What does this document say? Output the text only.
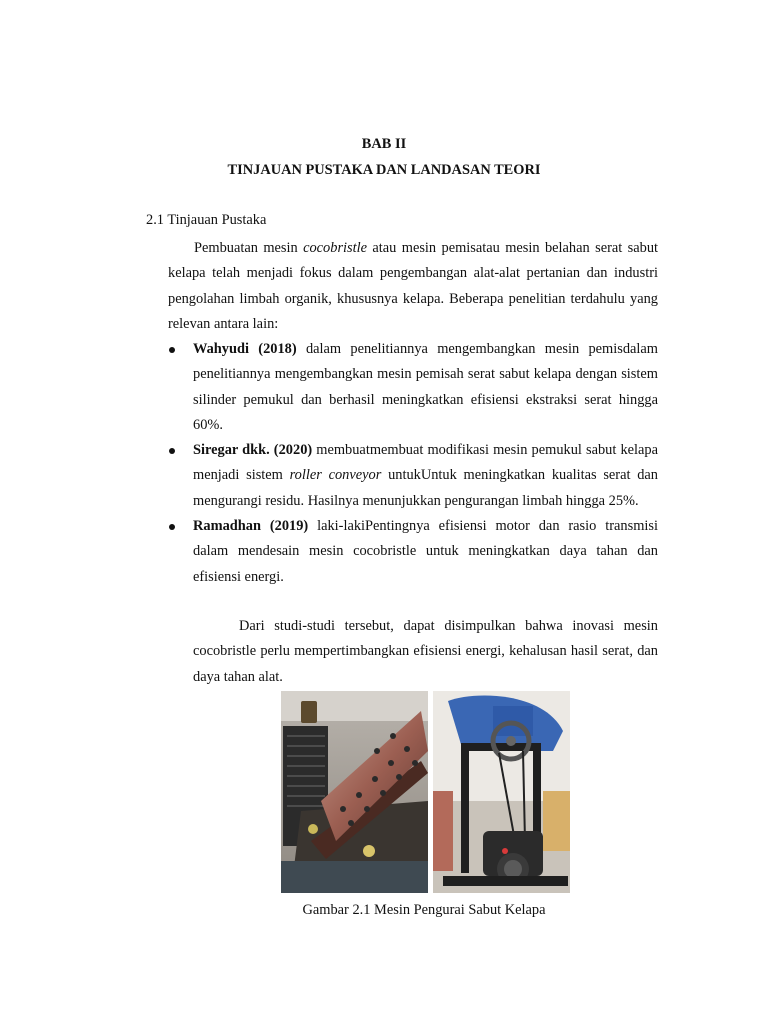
BAB II
TINJAUAN PUSTAKA DAN LANDASAN TEORI
2.1 Tinjauan Pustaka
Pembuatan mesin cocobristle atau mesin pemisatau mesin belahan serat sabut kelapa telah menjadi fokus dalam pengembangan alat-alat pertanian dan industri pengolahan limbah organik, khususnya kelapa. Beberapa penelitian terdahulu yang relevan antara lain:
Wahyudi (2018) dalam penelitiannya mengembangkan mesin pemisdalam penelitiannya mengembangkan mesin pemisah serat sabut kelapa dengan sistem silinder pemukul dan berhasil meningkatkan efisiensi ekstraksi serat hingga 60%.
Siregar dkk. (2020) membuatmembuat modifikasi mesin pemukul sabut kelapa menjadi sistem roller conveyor untukUntuk meningkatkan kualitas serat dan mengurangi residu. Hasilnya menunjukkan pengurangan limbah hingga 25%.
Ramadhan (2019) laki-lakiPentingnya efisiensi motor dan rasio transmisi dalam mendesain mesin cocobristle untuk meningkatkan daya tahan dan efisiensi energi.
Dari studi-studi tersebut, dapat disimpulkan bahwa inovasi mesin cocobristle perlu mempertimbangkan efisiensi energi, kehalusan hasil serat, dan daya tahan alat.
Gambar 2.1 Mesin Pengurai Sabut Kelapa
